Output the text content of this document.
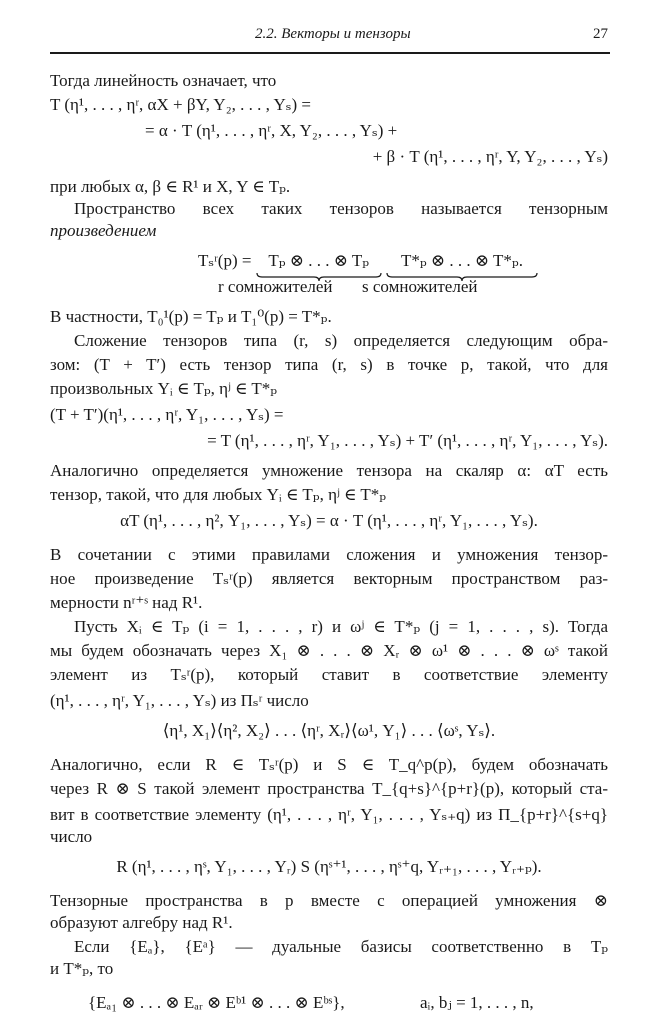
2.2. Векторы и тензоры	27
Тогда линейность означает, что
T (η¹, . . . , ηʳ, αX + βY, Y₂, . . . , Yₛ) =
= α · T (η¹, . . . , ηʳ, X, Y₂, . . . , Yₛ) +
+ β · T (η¹, . . . , ηʳ, Y, Y₂, . . . , Yₛ)
при любых α, β ∈ R¹ и X, Y ∈ Tₚ.
Пространство всех таких тензоров называется тензорным
произведением
Tₛʳ(p) = Tₚ ⊗ . . . ⊗ Tₚ T*ₚ ⊗ . . . ⊗ T*ₚ.
r сомножителей s сомножителей
В частности, T₀¹(p) = Tₚ и T₁⁰(p) = T*ₚ.
Сложение тензоров типа (r, s) определяется следующим обра-
зом: (T + T′) есть тензор типа (r, s) в точке p, такой, что для
произвольных Yᵢ ∈ Tₚ, ηʲ ∈ T*ₚ
(T + T′)(η¹, . . . , ηʳ, Y₁, . . . , Yₛ) =
= T (η¹, . . . , ηʳ, Y₁, . . . , Yₛ) + T′ (η¹, . . . , ηʳ, Y₁, . . . , Yₛ).
Аналогично определяется умножение тензора на скаляр α: αT есть
тензор, такой, что для любых Yᵢ ∈ Tₚ, ηʲ ∈ T*ₚ
αT (η¹, . . . , η², Y₁, . . . , Yₛ) = α · T (η¹, . . . , ηʳ, Y₁, . . . , Yₛ).
В сочетании с этими правилами сложения и умножения тензор-
ное произведение Tₛʳ(p) является векторным пространством раз-
мерности nʳ⁺ˢ над R¹.
Пусть Xᵢ ∈ Tₚ (i = 1, . . . , r) и ωʲ ∈ T*ₚ (j = 1, . . . , s). Тогда
мы будем обозначать через X₁ ⊗ . . . ⊗ Xᵣ ⊗ ω¹ ⊗ . . . ⊗ ωˢ такой
элемент из Tₛʳ(p), который ставит в соответствие элементу
(η¹, . . . , ηʳ, Y₁, . . . , Yₛ) из Πₛʳ число
⟨η¹, X₁⟩⟨η², X₂⟩ . . . ⟨ηʳ, Xᵣ⟩⟨ω¹, Y₁⟩ . . . ⟨ωˢ, Yₛ⟩.
Аналогично, если R ∈ Tₛʳ(p) и S ∈ T_q^p(p), будем обозначать
через R ⊗ S такой элемент пространства T_{q+s}^{p+r}(p), который ста-
вит в соответствие элементу (η¹, . . . , ηʳ, Y₁, . . . , Yₛ₊q) из Π_{p+r}^{s+q}
число
R (η¹, . . . , ηˢ, Y₁, . . . , Yᵣ) S (ηˢ⁺¹, . . . , ηˢ⁺q, Yᵣ₊₁, . . . , Yᵣ₊ₚ).
Тензорные пространства в p вместе с операцией умножения ⊗
образуют алгебру над R¹.
Если {Eₐ}, {Eᵃ} — дуальные базисы соответственно в Tₚ
и T*ₚ, то
{Eₐ₁ ⊗ . . . ⊗ Eₐᵣ ⊗ Eᵇ¹ ⊗ . . . ⊗ Eᵇˢ},	aᵢ, bⱼ = 1, . . . , n,
